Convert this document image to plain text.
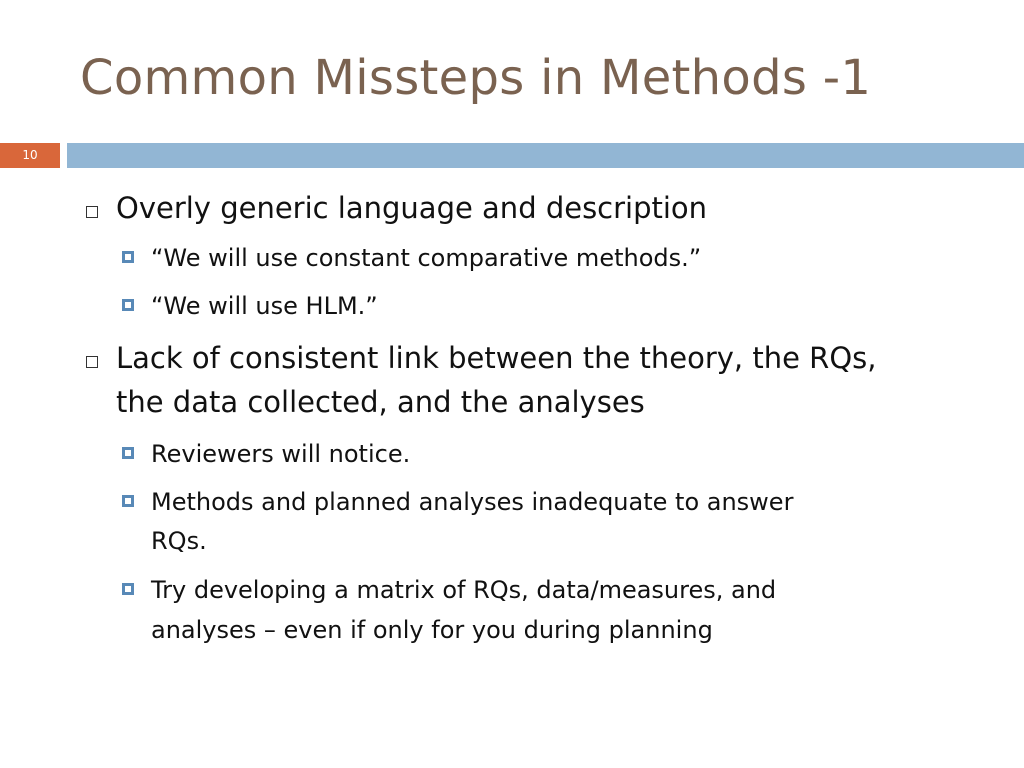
Common Missteps in Methods -1
10
Overly generic language and description
“We will use constant comparative methods.”
“We will use HLM.”
Lack of consistent link between the theory, the RQs,
the data collected, and the analyses
Reviewers will notice.
Methods and planned analyses inadequate to answer
RQs.
Try developing a matrix of RQs, data/measures, and
analyses – even if only for you during planning
